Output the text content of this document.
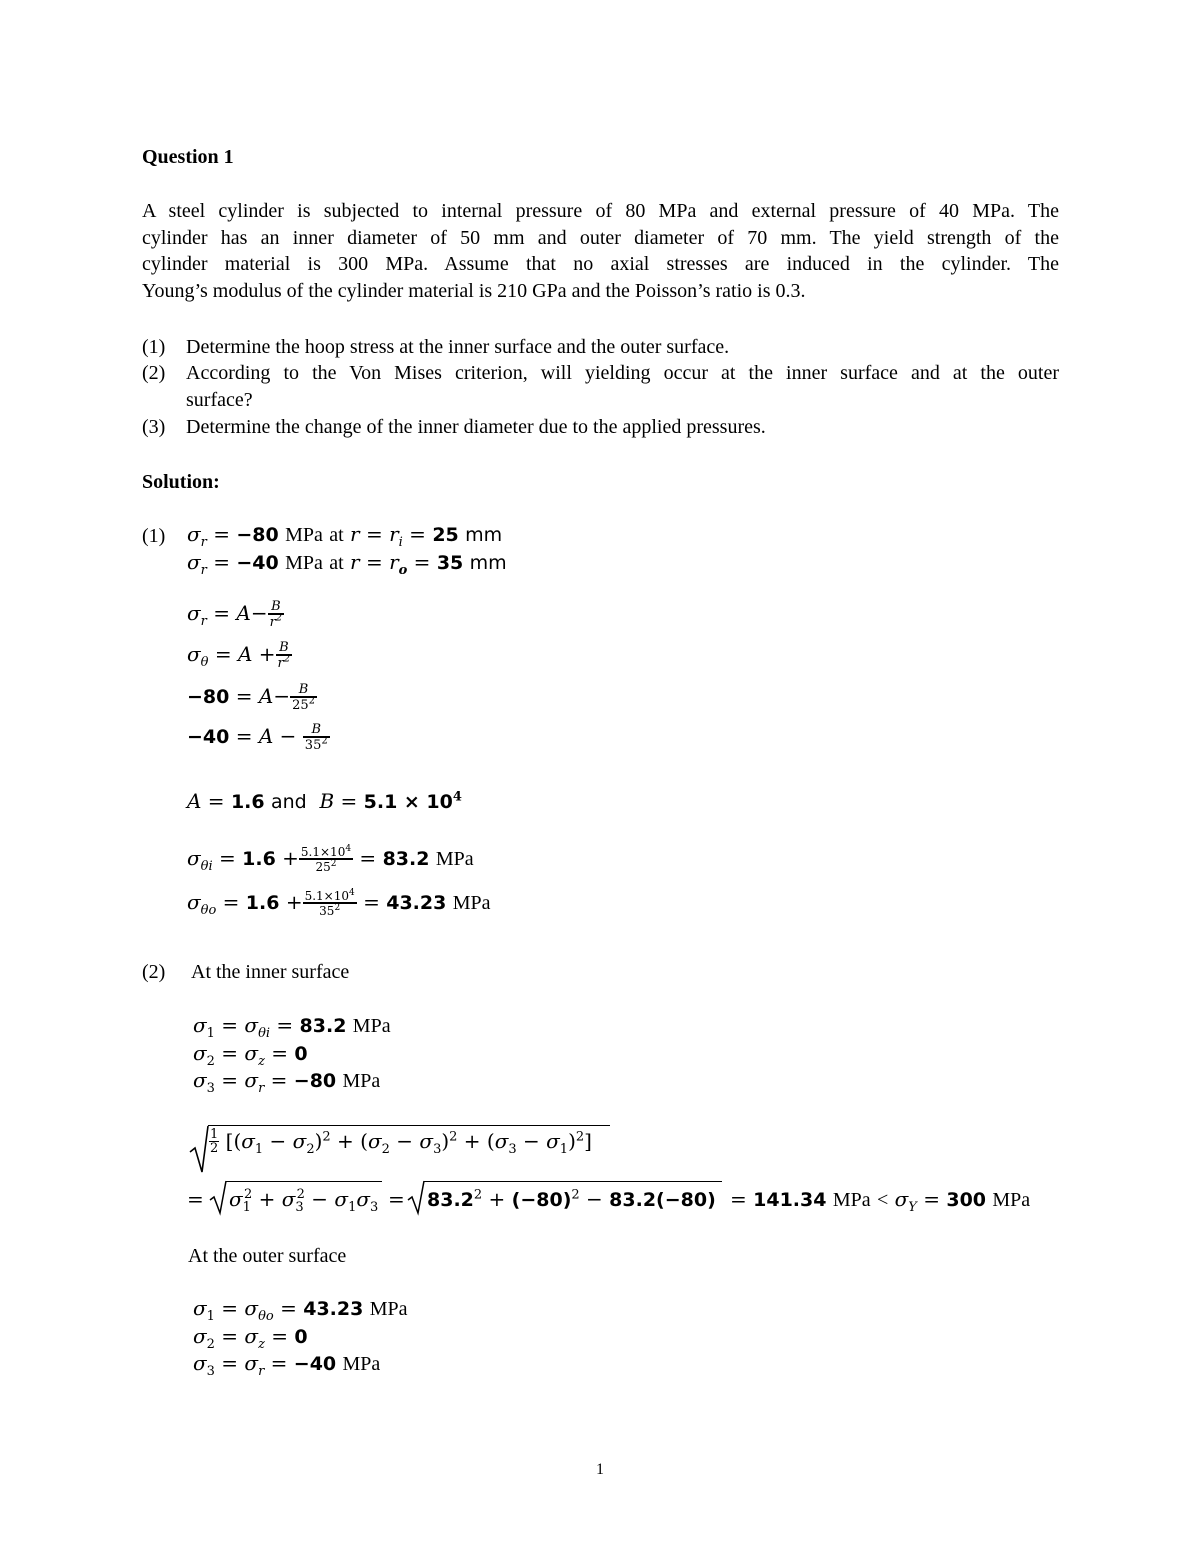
Question 1
A steel cylinder is subjected to internal pressure of 80 MPa and external pressure of 40 MPa. The
cylinder has an inner diameter of 50 mm and outer diameter of 70 mm. The yield strength of the
cylinder material is 300 MPa. Assume that no axial stresses are induced in the cylinder. The
Young’s modulus of the cylinder material is 210 GPa and the Poisson’s ratio is 0.3.
(1) Determine the hoop stress at the inner surface and the outer surface.
(2) According to the Von Mises criterion, will yielding occur at the inner surface and at the outer
surface?
(3) Determine the change of the inner diameter due to the applied pressures.
Solution:
(1) $\sigma_r = -80$ MPa at $r = r_i = 25$ mm
$\sigma_r = -40$ MPa at $r = r_o = 35$ mm
$\sigma_r = A- \frac{B}{r^2}$
$\sigma_\theta = A + \frac{B}{r^2}$
$-80 = A- \frac{B}{25^2}$
$-40 = A - \frac{B}{35^2}$
A = 1.6 and $B = 5.1 \times 10^4$
$\sigma_{\theta i} = 1.6 + \frac{5.1\times 10^4}{25^2} = 83.2$ MPa
$\sigma_{\theta o} = 1.6 + \frac{5.1\times 10^4}{35^2} = 43.23$ MPa
(2) At the inner surface
$\sigma_1 = \sigma_{\theta i} = 83.2$ MPa
$\sigma_2 = \sigma_z = 0$
$\sigma_3 = \sigma_r = -80$ MPa
$\frac{1}{2} [(\sigma_1 - \sigma_2)^2 + (\sigma_2 - \sigma_3)^2 + (\sigma_3 - \sigma_1)^2]$
= $\sigma_1^2 + \sigma_3^2 - \sigma_1\sigma_3 = 83.2^2 + (-80)^2 - 83.2(-80) = 141.34$ MPa < $\sigma_Y = 300$ MPa
At the outer surface
$\sigma_1 = \sigma_{\theta o} = 43.23$ MPa
$\sigma_2 = \sigma_z = 0$
$\sigma_3 = \sigma_r = -40$ MPa
1
